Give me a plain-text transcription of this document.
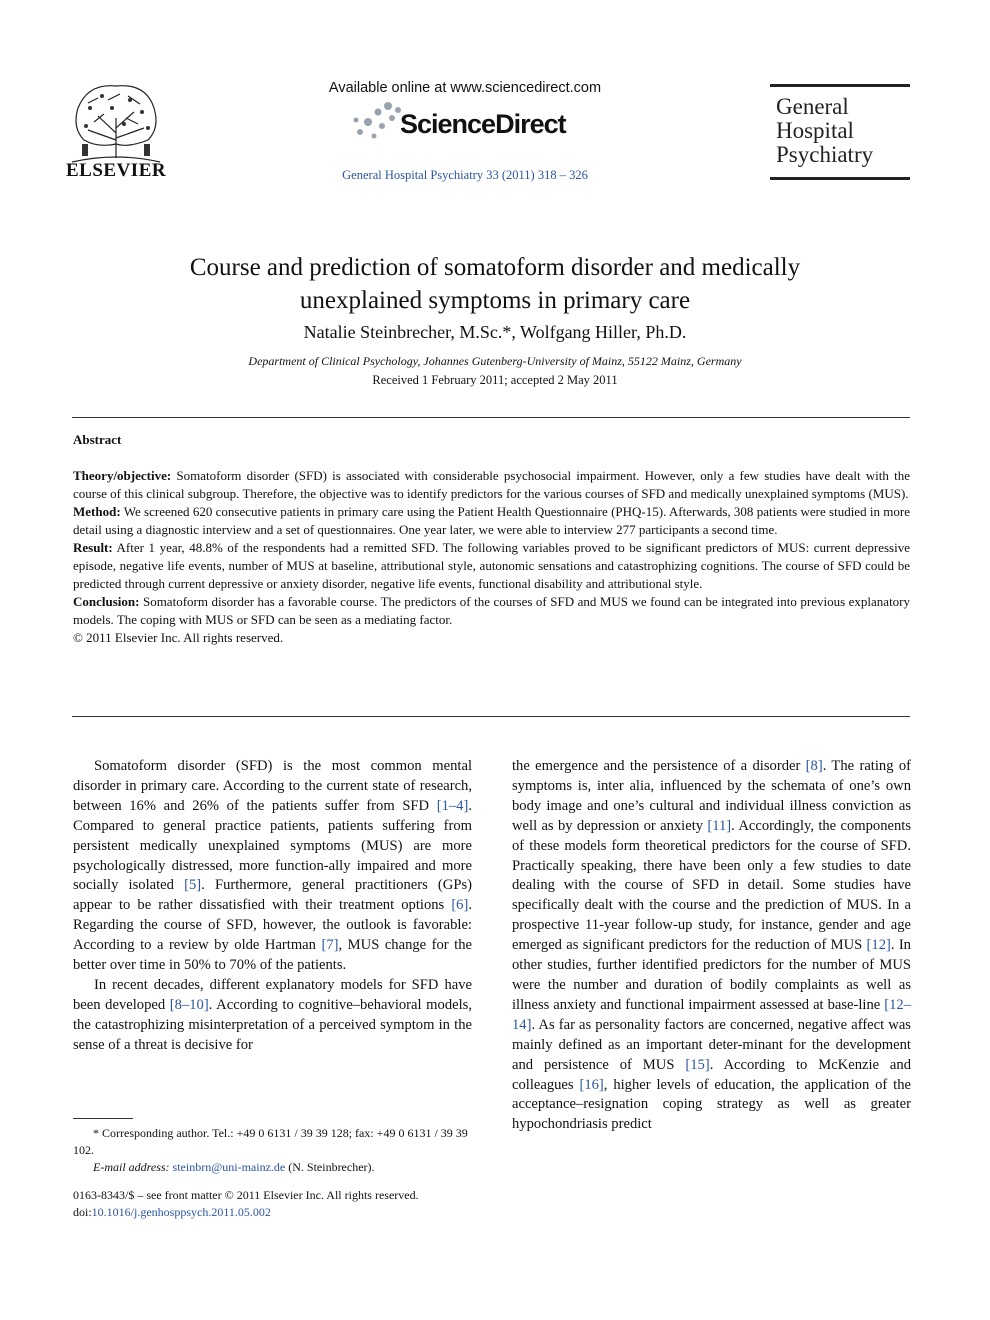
ELSEVIER
Available online at www.sciencedirect.com
ScienceDirect
General Hospital Psychiatry 33 (2011) 318 – 326
General
Hospital
Psychiatry
Course and prediction of somatoform disorder and medically
unexplained symptoms in primary care
Natalie Steinbrecher, M.Sc.*, Wolfgang Hiller, Ph.D.
Department of Clinical Psychology, Johannes Gutenberg-University of Mainz, 55122 Mainz, Germany
Received 1 February 2011; accepted 2 May 2011
Abstract

Theory/objective: Somatoform disorder (SFD) is associated with considerable psychosocial impairment. However, only a few studies have dealt with the course of this clinical subgroup. Therefore, the objective was to identify predictors for the various courses of SFD and medically unexplained symptoms (MUS).

Method: We screened 620 consecutive patients in primary care using the Patient Health Questionnaire (PHQ-15). Afterwards, 308 patients were studied in more detail using a diagnostic interview and a set of questionnaires. One year later, we were able to interview 277 participants a second time.

Result: After 1 year, 48.8% of the respondents had a remitted SFD. The following variables proved to be significant predictors of MUS: current depressive episode, negative life events, number of MUS at baseline, attributional style, autonomic sensations and catastrophizing cognitions. The course of SFD could be predicted through current depressive or anxiety disorder, negative life events, functional disability and attributional style.

Conclusion: Somatoform disorder has a favorable course. The predictors of the courses of SFD and MUS we found can be integrated into previous explanatory models. The coping with MUS or SFD can be seen as a mediating factor.

© 2011 Elsevier Inc. All rights reserved.

Somatoform disorder (SFD) is the most common mental disorder in primary care. According to the current state of research, between 16% and 26% of the patients suffer from SFD [1–4]. Compared to general practice patients, patients suffering from persistent medically unexplained symptoms (MUS) are more psychologically distressed, more function-ally impaired and more socially isolated [5]. Furthermore, general practitioners (GPs) appear to be rather dissatisfied with their treatment options [6]. Regarding the course of SFD, however, the outlook is favorable: According to a review by olde Hartman [7], MUS change for the better over time in 50% to 70% of the patients.

In recent decades, different explanatory models for SFD have been developed [8–10]. According to cognitive–behavioral models, the catastrophizing misinterpretation of a perceived symptom in the sense of a threat is decisive for

the emergence and the persistence of a disorder [8]. The rating of symptoms is, inter alia, influenced by the schemata of one’s own body image and one’s cultural and individual illness conviction as well as by depression or anxiety [11]. Accordingly, the components of these models form theoretical predictors for the course of SFD. Practically speaking, there have been only a few studies to date dealing with the course of SFD in detail. Some studies have specifically dealt with the course and the prediction of MUS. In a prospective 11-year follow-up study, for instance, gender and age emerged as significant predictors for the reduction of MUS [12]. In other studies, further identified predictors for the number of MUS were the number and duration of bodily complaints as well as illness anxiety and functional impairment assessed at base-line [12–14]. As far as personality factors are concerned, negative affect was mainly defined as an important deter-minant for the development and persistence of MUS [15]. According to McKenzie and colleagues [16], higher levels of education, the application of the acceptance–resignation coping strategy as well as greater hypochondriasis predict

* Corresponding author. Tel.: +49 0 6131 / 39 39 128; fax: +49 0 6131 / 39 39 102.

E-mail address: steinbrn@uni-mainz.de (N. Steinbrecher).

0163-8343/$ – see front matter © 2011 Elsevier Inc. All rights reserved.

doi:10.1016/j.genhosppsych.2011.05.002
